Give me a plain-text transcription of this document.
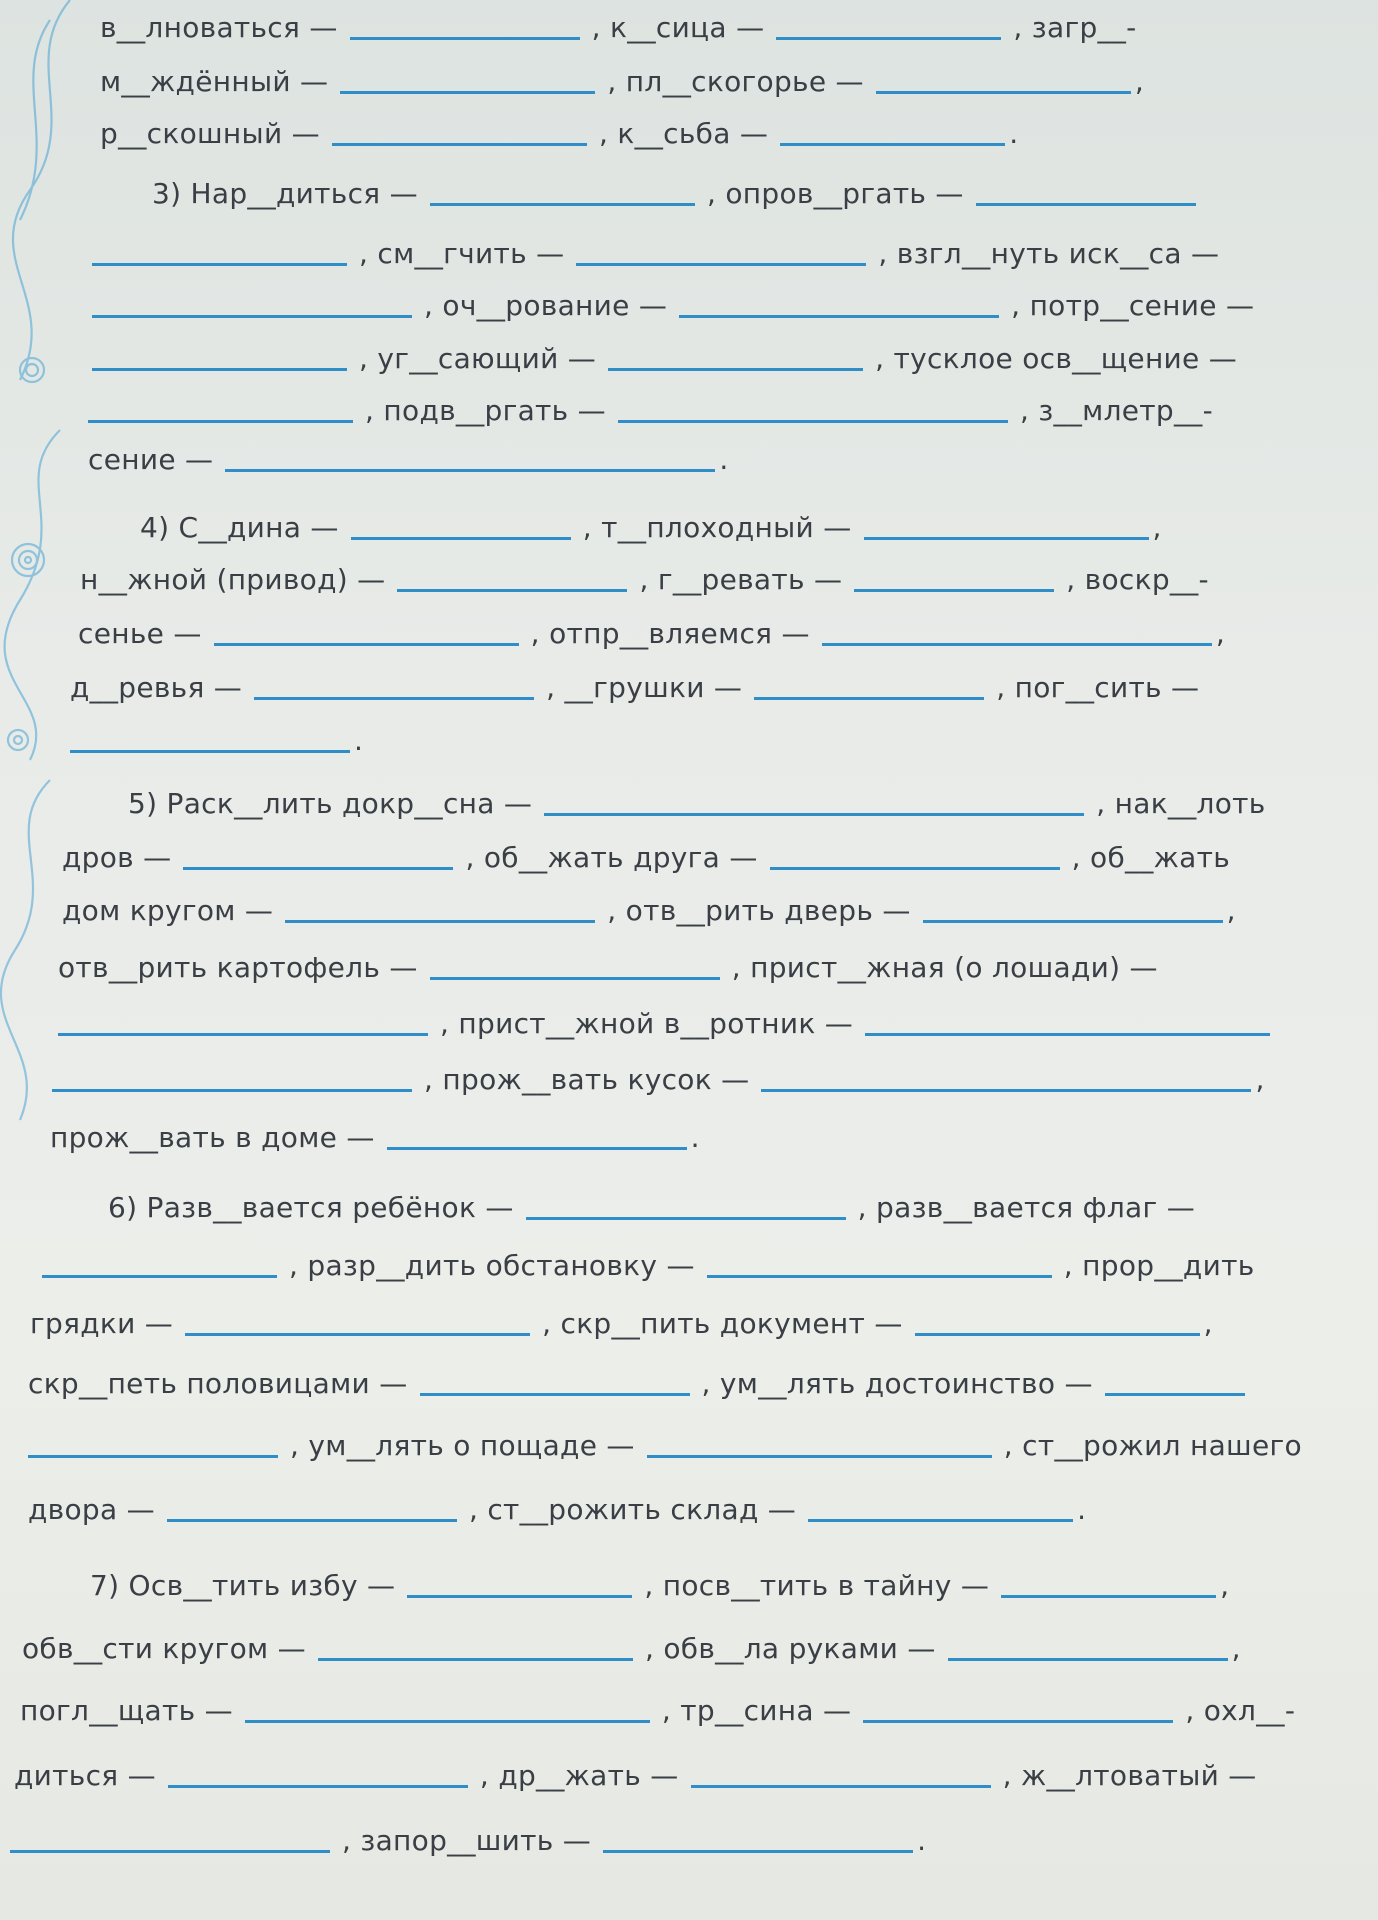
в__лноваться —	, к__сица —	, загр__-
м__ждённый —	, пл__скогорье —	,
р__скошный —	, к__сьба —	.
3) Нар__диться —	, опров__ргать —
, см__гчить —	, взгл__нуть иск__са —
, оч__рование —	, потр__сение —
, уг__сающий —	, тусклое осв__щение —
, подв__ргать —	, з__млетр__-
сение —	.
4) С__дина —	, т__плоходный —	,
н__жной (привод) —	, г__ревать —	, воскр__-
сенье —	, отпр__вляемся —	,
д__ревья —	, __грушки —	, пог__сить —
.
5) Раск__лить докр__сна —	, нак__лоть
дров —	, об__жать друга —	, об__жать
дом кругом —	, отв__рить дверь —	,
отв__рить картофель —	, прист__жная (о лошади) —
, прист__жной в__ротник —
, прож__вать кусок —	,
прож__вать в доме —	.
6) Разв__вается ребёнок —	, разв__вается флаг —
, разр__дить обстановку —	, прор__дить
грядки —	, скр__пить документ —	,
скр__петь половицами —	, ум__лять достоинство —
, ум__лять о пощаде —	, ст__рожил нашего
двора —	, ст__рожить склад —	.
7) Осв__тить избу —	, посв__тить в тайну —	,
обв__сти кругом —	, обв__ла руками —	,
погл__щать —	, тр__сина —	, охл__-
диться —	, др__жать —	, ж__лтоватый —
, запор__шить —	.
